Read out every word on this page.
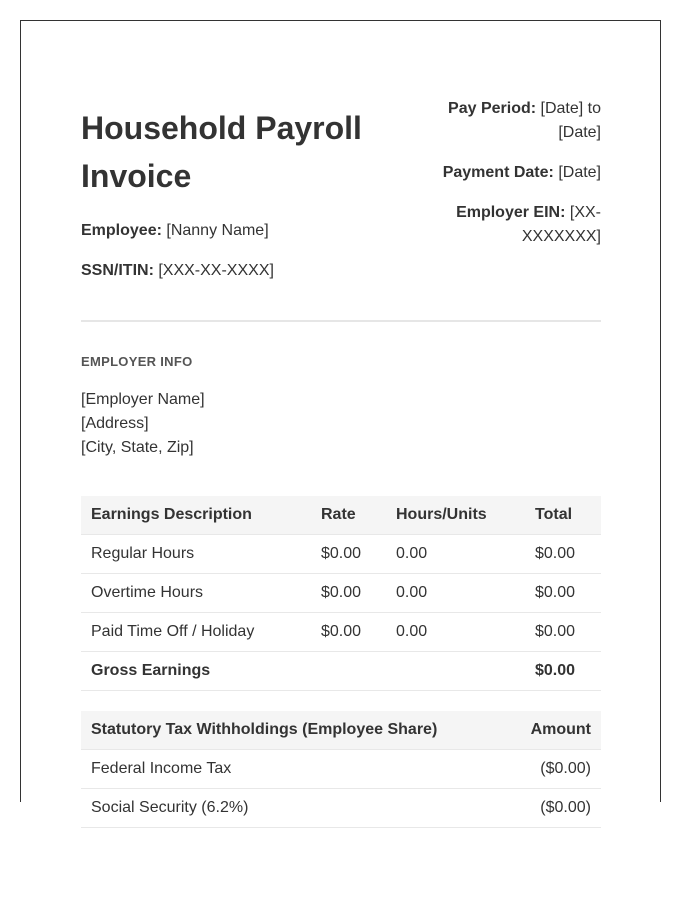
Household Payroll Invoice
Employee: [Nanny Name]
SSN/ITIN: [XXX-XX-XXXX]
Pay Period: [Date] to
[Date]
Payment Date: [Date]
Employer EIN: [XX-
XXXXXXX]
EMPLOYER INFO
[Employer Name]
[Address]
[City, State, Zip]
Earnings Description	Rate	Hours/Units	Total
Regular Hours	$0.00	0.00	$0.00
Overtime Hours	$0.00	0.00	$0.00
Paid Time Off / Holiday	$0.00	0.00	$0.00
Gross Earnings			$0.00
Statutory Tax Withholdings (Employee Share)	Amount
Federal Income Tax	($0.00)
Social Security (6.2%)	($0.00)
